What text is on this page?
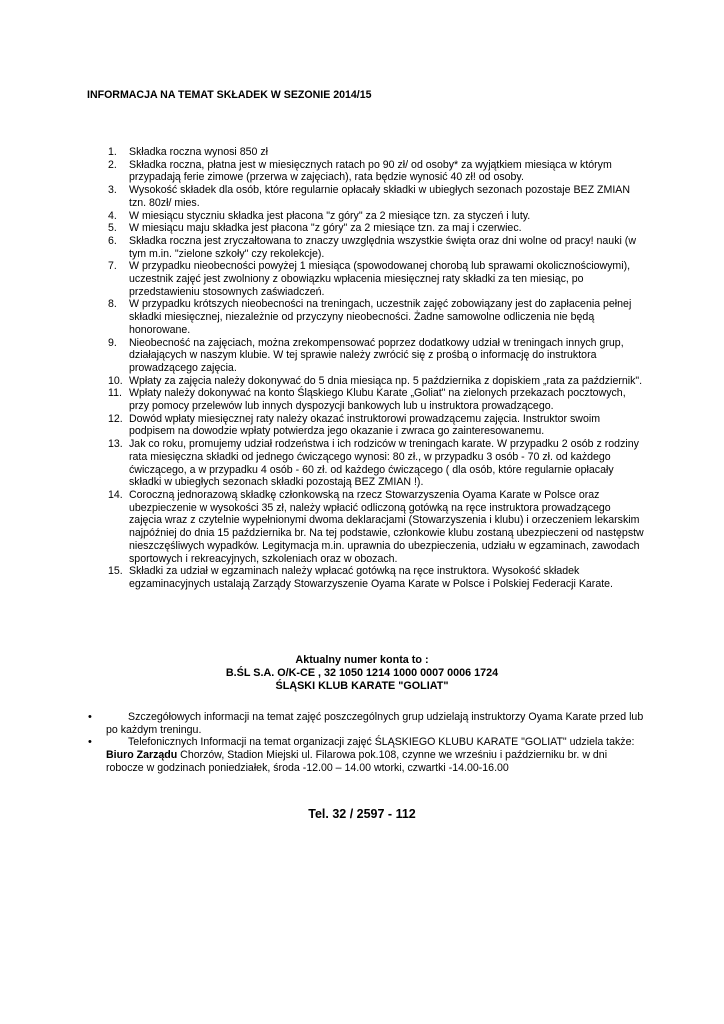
INFORMACJA NA TEMAT SKŁADEK W SEZONIE 2014/15
1. Składka roczna wynosi 850 zł
2. Składka roczna, płatna jest w miesięcznych ratach po 90 zł/ od osoby* za wyjątkiem miesiąca w którym przypadają ferie zimowe (przerwa w zajęciach), rata będzie wynosić 40 zł! od osoby.
3. Wysokość składek dla osób, które regularnie opłacały składki w ubiegłych sezonach pozostaje BEZ ZMIAN tzn. 80zł/ mies.
4. W miesiącu styczniu składka jest płacona "z góry" za 2 miesiące tzn. za styczeń i luty.
5. W miesiącu maju składka jest płacona "z góry" za 2 miesiące tzn. za maj i czerwiec.
6. Składka roczna jest zryczałtowana to znaczy uwzględnia wszystkie święta oraz dni wolne od pracy! nauki (w tym m.in. "zielone szkoły" czy rekolekcje).
7. W przypadku nieobecności powyżej 1 miesiąca (spowodowanej chorobą lub sprawami okolicznościowymi), uczestnik zajęć jest zwolniony z obowiązku wpłacenia miesięcznej raty składki za ten miesiąc, po przedstawieniu stosownych zaświadczeń.
8. W przypadku krótszych nieobecności na treningach, uczestnik zajęć zobowiązany jest do zapłacenia pełnej składki miesięcznej, niezależnie od przyczyny nieobecności. Żadne samowolne odliczenia nie będą honorowane.
9. Nieobecność na zajęciach, można zrekompensować poprzez dodatkowy udział w treningach innych grup, działających w naszym klubie. W tej sprawie należy zwrócić się z prośbą o informację do instruktora prowadzącego zajęcia.
10. Wpłaty za zajęcia należy dokonywać do 5 dnia miesiąca np. 5 października z dopiskiem „rata za październik".
11. Wpłaty należy dokonywać na konto Śląskiego Klubu Karate „Goliat" na zielonych przekazach pocztowych, przy pomocy przelewów lub innych dyspozycji bankowych lub u instruktora prowadzącego.
12. Dowód wpłaty miesięcznej raty należy okazać instruktorowi prowadzącemu zajęcia. Instruktor swoim podpisem na dowodzie wpłaty potwierdza jego okazanie i zwraca go zainteresowanemu.
13. Jak co roku, promujemy udział rodzeństwa i ich rodziców w treningach karate. W przypadku 2 osób z rodziny rata miesięczna składki od jednego ćwiczącego wynosi: 80 zł., w przypadku 3 osób - 70 zł. od każdego ćwiczącego, a w przypadku 4 osób - 60 zł. od każdego ćwiczącego ( dla osób, które regularnie opłacały składki w ubiegłych sezonach składki pozostają BEZ ZMIAN !).
14. Coroczną jednorazową składkę członkowską na rzecz Stowarzyszenia Oyama Karate w Polsce oraz ubezpieczenie w wysokości 35 zł, należy wpłacić odliczoną gotówką na ręce instruktora prowadzącego zajęcia wraz z czytelnie wypełnionymi dwoma deklaracjami (Stowarzyszenia i klubu) i orzeczeniem lekarskim najpóźniej do dnia 15 października br. Na tej podstawie, członkowie klubu zostaną ubezpieczeni od następstw nieszczęśliwych wypadków. Legitymacja m.in. uprawnia do ubezpieczenia, udziału w egzaminach, zawodach sportowych i rekreacyjnych, szkoleniach oraz w obozach.
15. Składki za udział w egzaminach należy wpłacać gotówką na ręce instruktora. Wysokość składek egzaminacyjnych ustalają Zarządy Stowarzyszenie Oyama Karate w Polsce i Polskiej Federacji Karate.
Aktualny numer konta to :
B.ŚL S.A. O/K-CE , 32 1050 1214 1000 0007 0006 1724
ŚLĄSKI KLUB KARATE "GOLIAT"
•	Szczegółowych informacji na temat zajęć poszczególnych grup udzielają instruktorzy Oyama Karate przed lub po każdym treningu.
•	Telefonicznych Informacji na temat organizacji zajęć ŚLĄSKIEGO KLUBU KARATE "GOLIAT" udziela także:
Biuro Zarządu Chorzów, Stadion Miejski ul. Filarowa pok.108, czynne we wrześniu i październiku br. w dni robocze w godzinach poniedziałek, środa -12.00 – 14.00 wtorki, czwartki -14.00-16.00
Tel. 32 / 2597 - 112
